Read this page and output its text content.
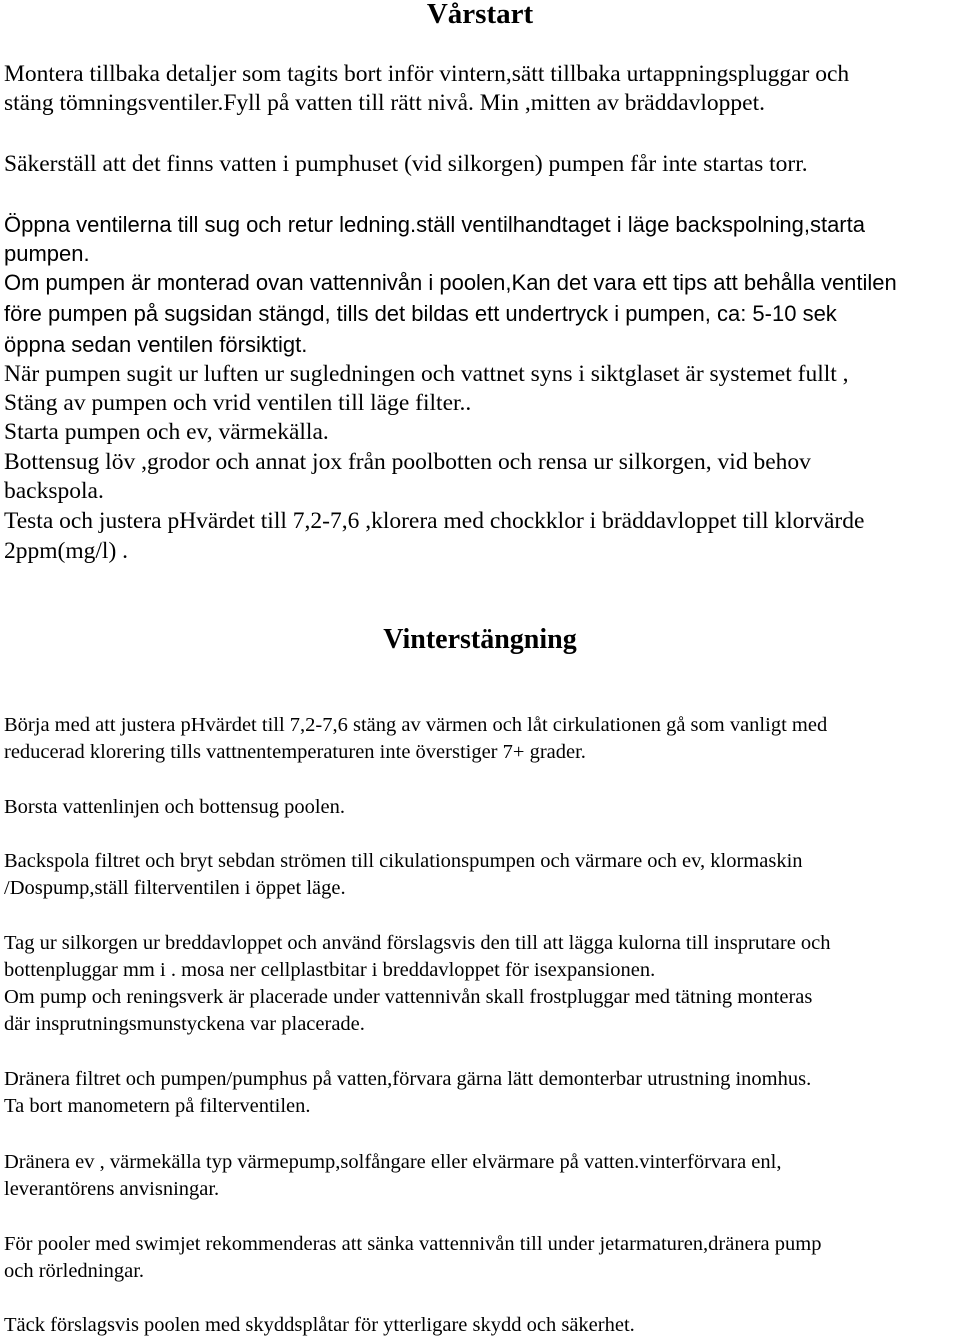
Vårstart

Montera tillbaka detaljer som tagits bort inför vintern,sätt tillbaka urtappningspluggar och

stäng tömningsventiler.Fyll på vatten till rätt nivå. Min ,mitten av bräddavloppet.

Säkerställ att det finns vatten i pumphuset (vid silkorgen) pumpen får inte startas torr.

Öppna ventilerna till sug och retur ledning.ställ ventilhandtaget i läge backspolning,starta

pumpen.

Om pumpen är monterad ovan vattennivån i poolen,Kan det vara ett tips att behålla ventilen

före pumpen på sugsidan stängd, tills det bildas ett undertryck i pumpen, ca: 5-10 sek

öppna sedan ventilen försiktigt.

När pumpen sugit ur luften ur sugledningen och vattnet syns i siktglaset är systemet fullt ,

Stäng av pumpen och vrid ventilen till läge filter..

Starta pumpen och ev, värmekälla.

Bottensug löv ,grodor och annat jox från poolbotten och rensa ur silkorgen, vid behov

backspola.

Testa och justera pHvärdet till 7,2-7,6 ,klorera med chockklor i bräddavloppet till klorvärde

2ppm(mg/l) .

Vinterstängning

Börja med att justera pHvärdet till 7,2-7,6 stäng av värmen och låt cirkulationen gå som vanligt med

reducerad klorering tills vattnentemperaturen inte överstiger 7+ grader.

Borsta vattenlinjen och bottensug poolen.

Backspola filtret och bryt sebdan strömen till cikulationspumpen och värmare och ev, klormaskin

/Dospump,ställ filterventilen i öppet läge.

Tag ur silkorgen ur breddavloppet och använd förslagsvis den till att lägga kulorna till insprutare och

bottenpluggar mm i . mosa ner cellplastbitar i breddavloppet för isexpansionen.

Om pump och reningsverk är placerade under vattennivån skall frostpluggar med tätning monteras

där insprutningsmunstyckena var placerade.

Dränera filtret och pumpen/pumphus på vatten,förvara gärna lätt demonterbar utrustning inomhus.

Ta bort manometern på filterventilen.

Dränera ev , värmekälla typ värmepump,solfångare eller elvärmare på vatten.vinterförvara enl,

leverantörens anvisningar.

För pooler med swimjet rekommenderas att sänka vattennivån till under jetarmaturen,dränera pump

och rörledningar.

Täck förslagsvis poolen med skyddsplåtar för ytterligare skydd och säkerhet.
